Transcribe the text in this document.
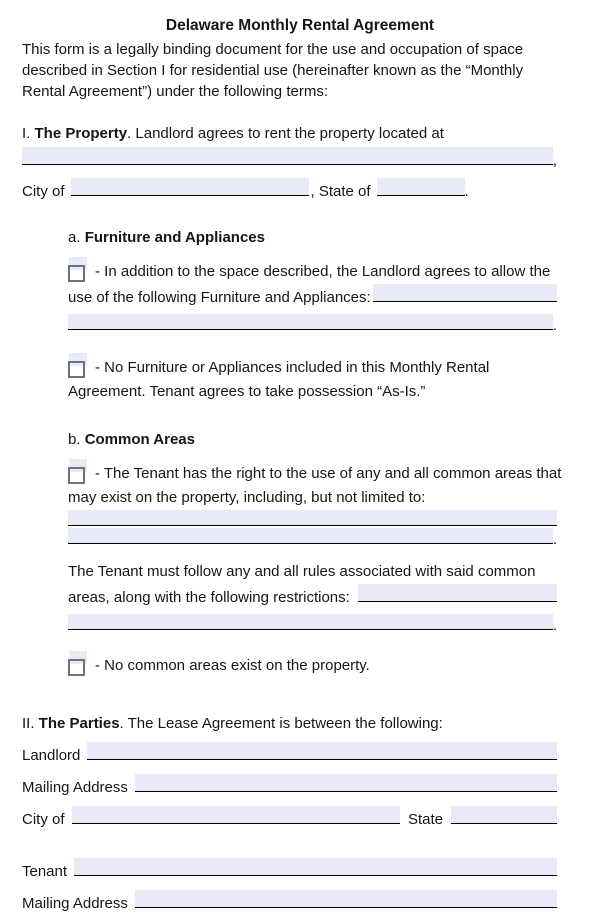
Delaware Monthly Rental Agreement
This form is a legally binding document for the use and occupation of space
described in Section I for residential use (hereinafter known as the “Monthly
Rental Agreement”) under the following terms:
I. The Property. Landlord agrees to rent the property located at
,
City of	, State of	.
a. Furniture and Appliances
- In addition to the space described, the Landlord agrees to allow the
use of the following Furniture and Appliances:
.
- No Furniture or Appliances included in this Monthly Rental
Agreement. Tenant agrees to take possession “As-Is.”
b. Common Areas
- The Tenant has the right to the use of any and all common areas that
may exist on the property, including, but not limited to:
.
The Tenant must follow any and all rules associated with said common
areas, along with the following restrictions:
.
- No common areas exist on the property.
II. The Parties. The Lease Agreement is between the following:
Landlord
Mailing Address
City of	State
Tenant
Mailing Address
